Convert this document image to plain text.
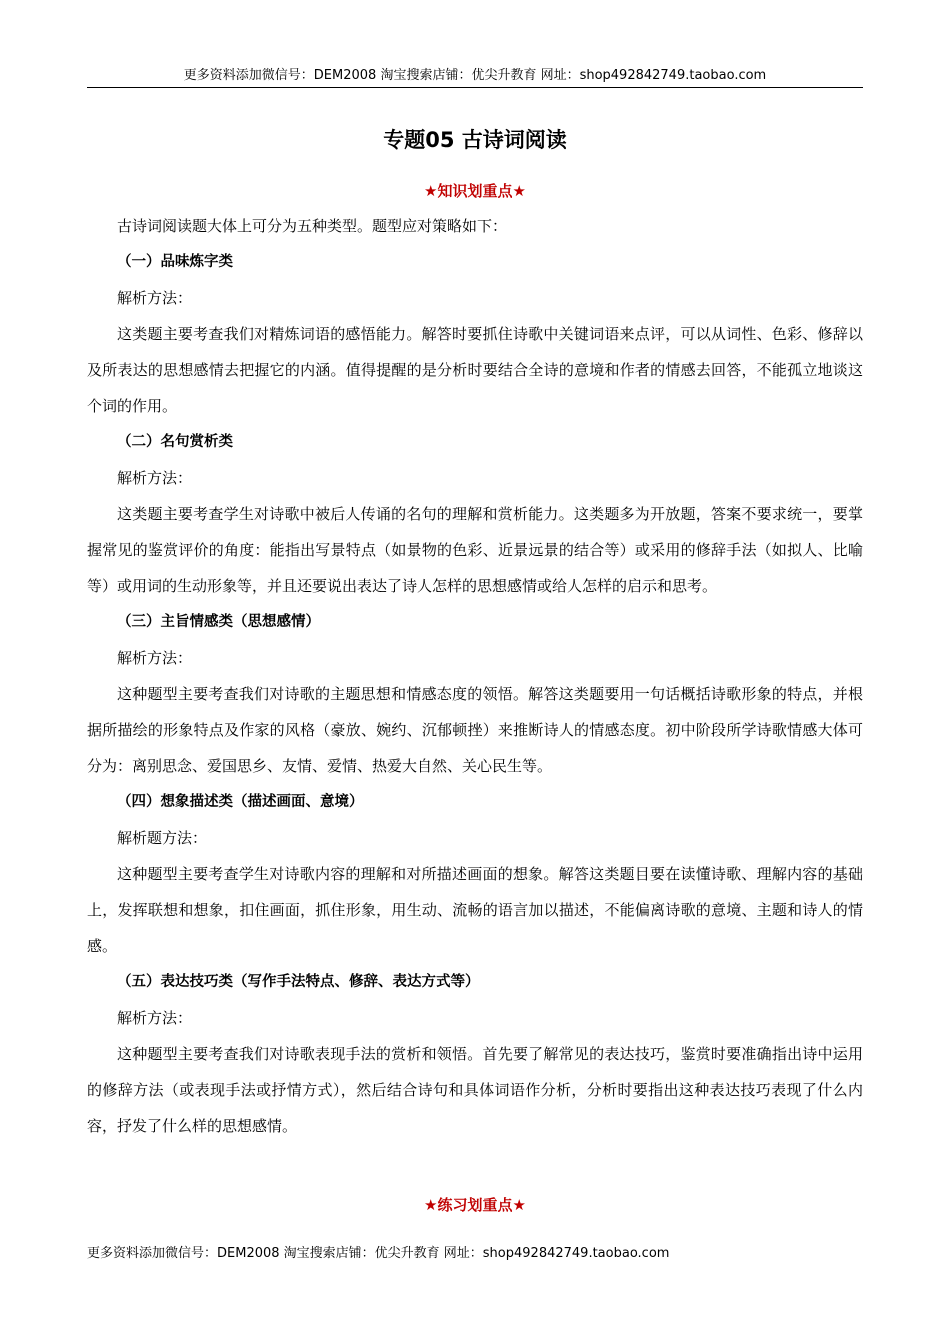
更多资料添加微信号：DEM2008 淘宝搜索店铺：优尖升教育 网址：shop492842749.taobao.com
专题05 古诗词阅读
★知识划重点★

古诗词阅读题大体上可分为五种类型。题型应对策略如下：

（一）品味炼字类

解析方法：

这类题主要考查我们对精炼词语的感悟能力。解答时要抓住诗歌中关键词语来点评，可以从词性、色彩、修辞以及所表达的思想感情去把握它的内涵。值得提醒的是分析时要结合全诗的意境和作者的情感去回答，不能孤立地谈这个词的作用。

（二）名句赏析类

解析方法：

这类题主要考查学生对诗歌中被后人传诵的名句的理解和赏析能力。这类题多为开放题，答案不要求统一，要掌握常见的鉴赏评价的角度：能指出写景特点（如景物的色彩、近景远景的结合等）或采用的修辞手法（如拟人、比喻等）或用词的生动形象等，并且还要说出表达了诗人怎样的思想感情或给人怎样的启示和思考。

（三）主旨情感类（思想感情）

解析方法：

这种题型主要考查我们对诗歌的主题思想和情感态度的领悟。解答这类题要用一句话概括诗歌形象的特点，并根据所描绘的形象特点及作家的风格（豪放、婉约、沉郁顿挫）来推断诗人的情感态度。初中阶段所学诗歌情感大体可分为：离别思念、爱国思乡、友情、爱情、热爱大自然、关心民生等。

（四）想象描述类（描述画面、意境）

解析题方法：

这种题型主要考查学生对诗歌内容的理解和对所描述画面的想象。解答这类题目要在读懂诗歌、理解内容的基础上，发挥联想和想象，扣住画面，抓住形象，用生动、流畅的语言加以描述，不能偏离诗歌的意境、主题和诗人的情感。

（五）表达技巧类（写作手法特点、修辞、表达方式等）

解析方法：

这种题型主要考查我们对诗歌表现手法的赏析和领悟。首先要了解常见的表达技巧，鉴赏时要准确指出诗中运用的修辞方法（或表现手法或抒情方式），然后结合诗句和具体词语作分析，分析时要指出这种表达技巧表现了什么内容，抒发了什么样的思想感情。

★练习划重点★
更多资料添加微信号：DEM2008 淘宝搜索店铺：优尖升教育 网址：shop492842749.taobao.com
